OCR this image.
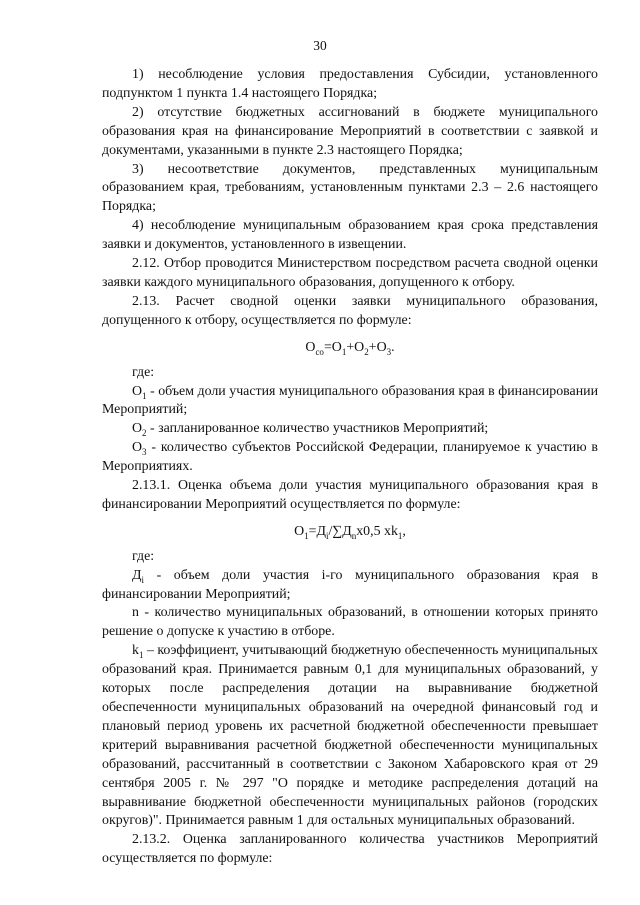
30

1) несоблюдение условия предоставления Субсидии, установленного подпунктом 1 пункта 1.4 настоящего Порядка;

2) отсутствие бюджетных ассигнований в бюджете муниципального образования края на финансирование Мероприятий в соответствии с заявкой и документами, указанными в пункте 2.3 настоящего Порядка;

3) несоответствие документов, представленных муниципальным образованием края, требованиям, установленным пунктами 2.3 – 2.6 настоящего Порядка;

4) несоблюдение муниципальным образованием края срока представления заявки и документов, установленного в извещении.

2.12. Отбор проводится Министерством посредством расчета сводной оценки заявки каждого муниципального образования, допущенного к отбору.

2.13. Расчет сводной оценки заявки муниципального образования, допущенного к отбору, осуществляется по формуле:

$О_{со}=О_1+О_2+О_3$.

где:

$О_1$ - объем доли участия муниципального образования края в финансировании Мероприятий;

$О_2$ - запланированное количество участников Мероприятий;

$О_3$ - количество субъектов Российской Федерации, планируемое к участию в Мероприятиях.

2.13.1. Оценка объема доли участия муниципального образования края в финансировании Мероприятий осуществляется по формуле:

$О_1=Д_i/\sum Д_nх0,5$ $хk_1$,

где:

$Д_i$ - объем доли участия i-го муниципального образования края в финансировании Мероприятий;

n - количество муниципальных образований, в отношении которых принято решение о допуске к участию в отборе.

$k_1$ – коэффициент, учитывающий бюджетную обеспеченность муниципальных образований края. Принимается равным 0,1 для муниципальных образований, у которых после распределения дотации на выравнивание бюджетной обеспеченности муниципальных образований на очередной финансовый год и плановый период уровень их расчетной бюджетной обеспеченности превышает критерий выравнивания расчетной бюджетной обеспеченности муниципальных образований, рассчитанный в соответствии с Законом Хабаровского края от 29 сентября 2005 г. № 297 "О порядке и методике распределения дотаций на выравнивание бюджетной обеспеченности муниципальных районов (городских округов)". Принимается равным 1 для остальных муниципальных образований.

2.13.2. Оценка запланированного количества участников Мероприятий осуществляется по формуле:
